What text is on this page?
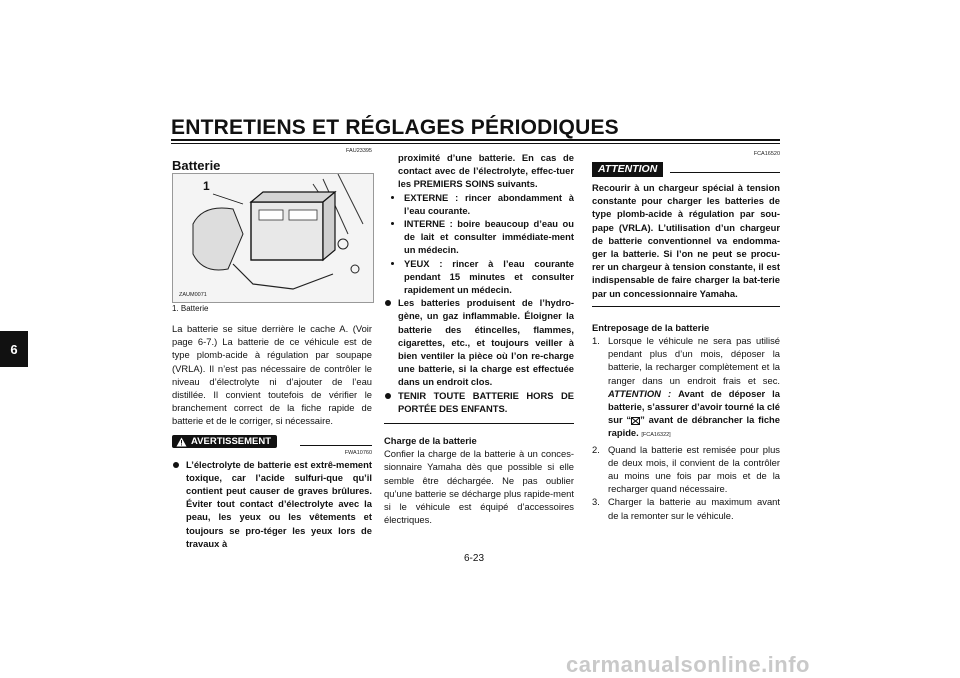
ENTRETIENS ET RÉGLAGES PÉRIODIQUES
6
FAU23395
Batterie
1
ZAUM0071
1. Batterie
La batterie se situe derrière le cache A. (Voir page 6-7.) La batterie de ce véhicule est de type plomb-acide à régulation par soupape (VRLA). Il n’est pas nécessaire de contrôler le niveau d’électrolyte ni d’ajouter de l’eau distillée. Il convient toutefois de vérifier le branchement correct de la fiche rapide de batterie et de le corriger, si nécessaire.
AVERTISSEMENT
FWA10760
L’électrolyte de batterie est extrê-mement toxique, car l’acide sulfuri-que qu’il contient peut causer de graves brûlures. Éviter tout contact d’électrolyte avec la peau, les yeux ou les vêtements et toujours se pro-téger les yeux lors de travaux à
proximité d’une batterie. En cas de contact avec de l’électrolyte, effec-tuer les PREMIERS SOINS suivants.
EXTERNE : rincer abondamment à l’eau courante.
INTERNE : boire beaucoup d’eau ou de lait et consulter immédiate-ment un médecin.
YEUX : rincer à l’eau courante pendant 15 minutes et consulter rapidement un médecin.
Les batteries produisent de l’hydro-gène, un gaz inflammable. Éloigner la batterie des étincelles, flammes, cigarettes, etc., et toujours veiller à bien ventiler la pièce où l’on re-charge une batterie, si la charge est effectuée dans un endroit clos.
TENIR TOUTE BATTERIE HORS DE PORTÉE DES ENFANTS.
Charge de la batterie
Confier la charge de la batterie à un conces-sionnaire Yamaha dès que possible si elle semble être déchargée. Ne pas oublier qu’une batterie se décharge plus rapide-ment si le véhicule est équipé d’accessoires électriques.
FCA16520
ATTENTION
Recourir à un chargeur spécial à tension constante pour charger les batteries de type plomb-acide à régulation par sou-pape (VRLA). L’utilisation d’un chargeur de batterie conventionnel va endomma-ger la batterie. Si l’on ne peut se procu-rer un chargeur à tension constante, il est indispensable de faire charger la bat-terie par un concessionnaire Yamaha.
Entreposage de la batterie
1. Lorsque le véhicule ne sera pas utilisé pendant plus d’un mois, déposer la batterie, la recharger complètement et la ranger dans un endroit frais et sec. ATTENTION : Avant de déposer la batterie, s’assurer d’avoir tourné la clé sur “ ” avant de débrancher la fiche rapide. [FCA16322]
2. Quand la batterie est remisée pour plus de deux mois, il convient de la contrôler au moins une fois par mois et de la recharger quand nécessaire.
3. Charger la batterie au maximum avant de la remonter sur le véhicule.
6-23
carmanualsonline.info
